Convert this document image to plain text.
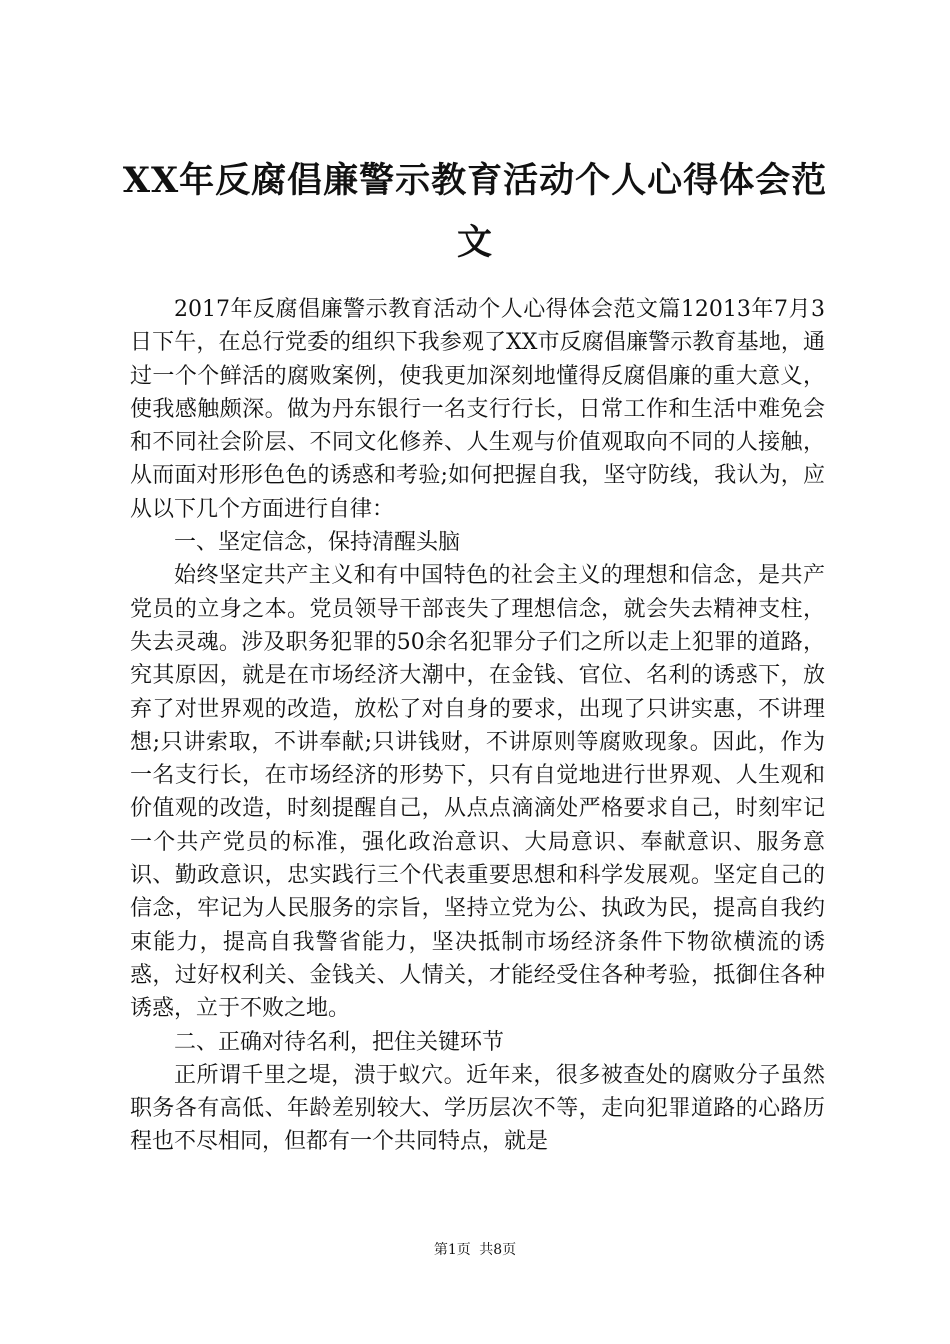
XX年反腐倡廉警示教育活动个人心得体会范文

2017年反腐倡廉警示教育活动个人心得体会范文篇12013年7月3日下午，在总行党委的组织下我参观了XX市反腐倡廉警示教育基地，通过一个个鲜活的腐败案例，使我更加深刻地懂得反腐倡廉的重大意义，使我感触颇深。做为丹东银行一名支行行长，日常工作和生活中难免会和不同社会阶层、不同文化修养、人生观与价值观取向不同的人接触，从而面对形形色色的诱惑和考验;如何把握自我，坚守防线，我认为，应从以下几个方面进行自律：

一、坚定信念，保持清醒头脑

始终坚定共产主义和有中国特色的社会主义的理想和信念，是共产党员的立身之本。党员领导干部丧失了理想信念，就会失去精神支柱，失去灵魂。涉及职务犯罪的50余名犯罪分子们之所以走上犯罪的道路，究其原因，就是在市场经济大潮中，在金钱、官位、名利的诱惑下，放弃了对世界观的改造，放松了对自身的要求，出现了只讲实惠，不讲理想;只讲索取，不讲奉献;只讲钱财，不讲原则等腐败现象。因此，作为一名支行长，在市场经济的形势下，只有自觉地进行世界观、人生观和价值观的改造，时刻提醒自己，从点点滴滴处严格要求自己，时刻牢记一个共产党员的标准，强化政治意识、大局意识、奉献意识、服务意识、勤政意识，忠实践行三个代表重要思想和科学发展观。坚定自己的信念，牢记为人民服务的宗旨，坚持立党为公、执政为民，提高自我约束能力，提高自我警省能力，坚决抵制市场经济条件下物欲横流的诱惑，过好权利关、金钱关、人情关，才能经受住各种考验，抵御住各种诱惑，立于不败之地。

二、正确对待名利，把住关键环节

正所谓千里之堤，溃于蚁穴。近年来，很多被查处的腐败分子虽然职务各有高低、年龄差别较大、学历层次不等，走向犯罪道路的心路历程也不尽相同，但都有一个共同特点，就是

第1页 共8页
